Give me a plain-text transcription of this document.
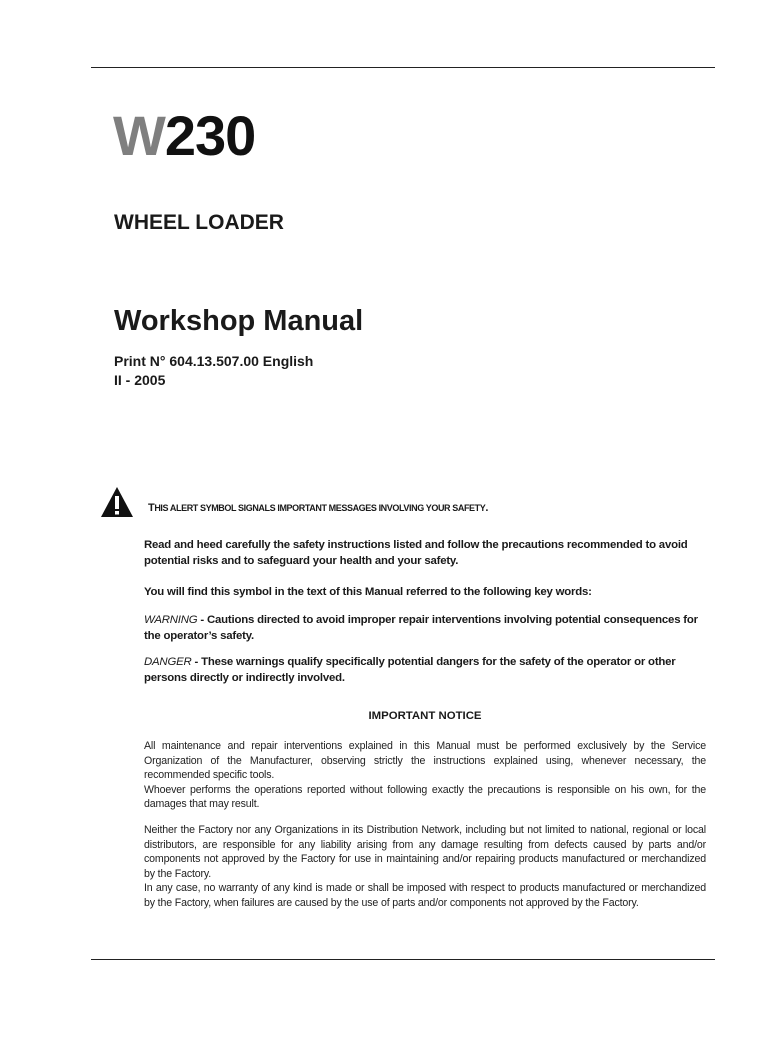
W230
WHEEL LOADER
Workshop Manual
Print N° 604.13.507.00 English
II - 2005
THIS ALERT SYMBOL SIGNALS IMPORTANT MESSAGES INVOLVING YOUR SAFETY.
Read and heed carefully the safety instructions listed and follow the precautions recommended to avoid potential risks and to safeguard your health and your safety.
You will find this symbol in the text of this Manual referred to the following key words:
WARNING - Cautions directed to avoid improper repair interventions involving potential consequences for the operator’s safety.
DANGER - These warnings qualify specifically potential dangers for the safety of the operator or other persons directly or indirectly involved.
IMPORTANT NOTICE

All maintenance and repair interventions explained in this Manual must be performed exclusively by the Service Organization of the Manufacturer, observing strictly the instructions explained using, whenever necessary, the recommended specific tools.

Whoever performs the operations reported without following exactly the precautions is responsible on his own, for the damages that may result.

Neither the Factory nor any Organizations in its Distribution Network, including but not limited to national, regional or local distributors, are responsible for any liability arising from any damage resulting from defects caused by parts and/or components not approved by the Factory for use in maintaining and/or repairing products manufactured or merchandized by the Factory.

In any case, no warranty of any kind is made or shall be imposed with respect to products manufactured or merchandized by the Factory, when failures are caused by the use of parts and/or components not approved by the Factory.
